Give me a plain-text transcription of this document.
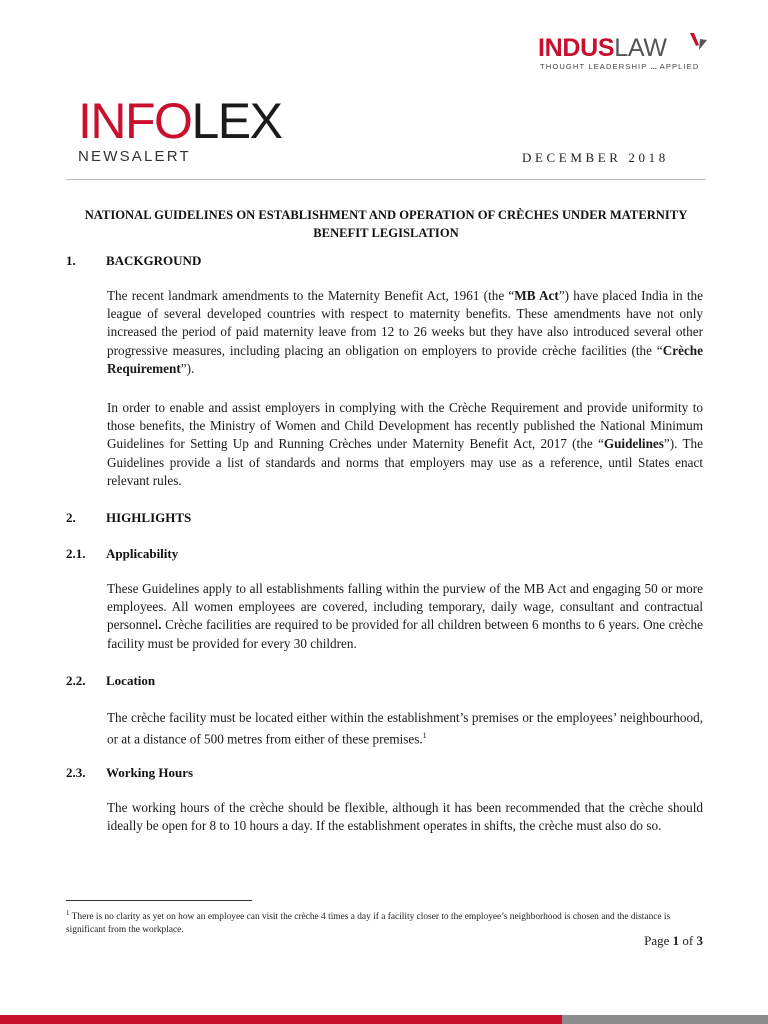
INDUSLAW
THOUGHT LEADERSHIP ... APPLIED
INFOLEX
NEWSALERT	DECEMBER 2018
NATIONAL GUIDELINES ON ESTABLISHMENT AND OPERATION OF CRÈCHES UNDER MATERNITY BENEFIT LEGISLATION
1. BACKGROUND
The recent landmark amendments to the Maternity Benefit Act, 1961 (the “MB Act”) have placed India in the league of several developed countries with respect to maternity benefits. These amendments have not only increased the period of paid maternity leave from 12 to 26 weeks but they have also introduced several other progressive measures, including placing an obligation on employers to provide crèche facilities (the “Crèche Requirement”).
In order to enable and assist employers in complying with the Crèche Requirement and provide uniformity to those benefits, the Ministry of Women and Child Development has recently published the National Minimum Guidelines for Setting Up and Running Crèches under Maternity Benefit Act, 2017 (the “Guidelines”). The Guidelines provide a list of standards and norms that employers may use as a reference, until States enact relevant rules.
2. HIGHLIGHTS
2.1. Applicability
These Guidelines apply to all establishments falling within the purview of the MB Act and engaging 50 or more employees. All women employees are covered, including temporary, daily wage, consultant and contractual personnel. Crèche facilities are required to be provided for all children between 6 months to 6 years. One crèche facility must be provided for every 30 children.
2.2. Location
The crèche facility must be located either within the establishment’s premises or the employees’ neighbourhood, or at a distance of 500 metres from either of these premises.$^1$
2.3. Working Hours
The working hours of the crèche should be flexible, although it has been recommended that the crèche should ideally be open for 8 to 10 hours a day. If the establishment operates in shifts, the crèche must also do so.
$^1$ There is no clarity as yet on how an employee can visit the crèche 4 times a day if a facility closer to the employee’s neighborhood is chosen and the distance is significant from the workplace.
Page 1 of 3
